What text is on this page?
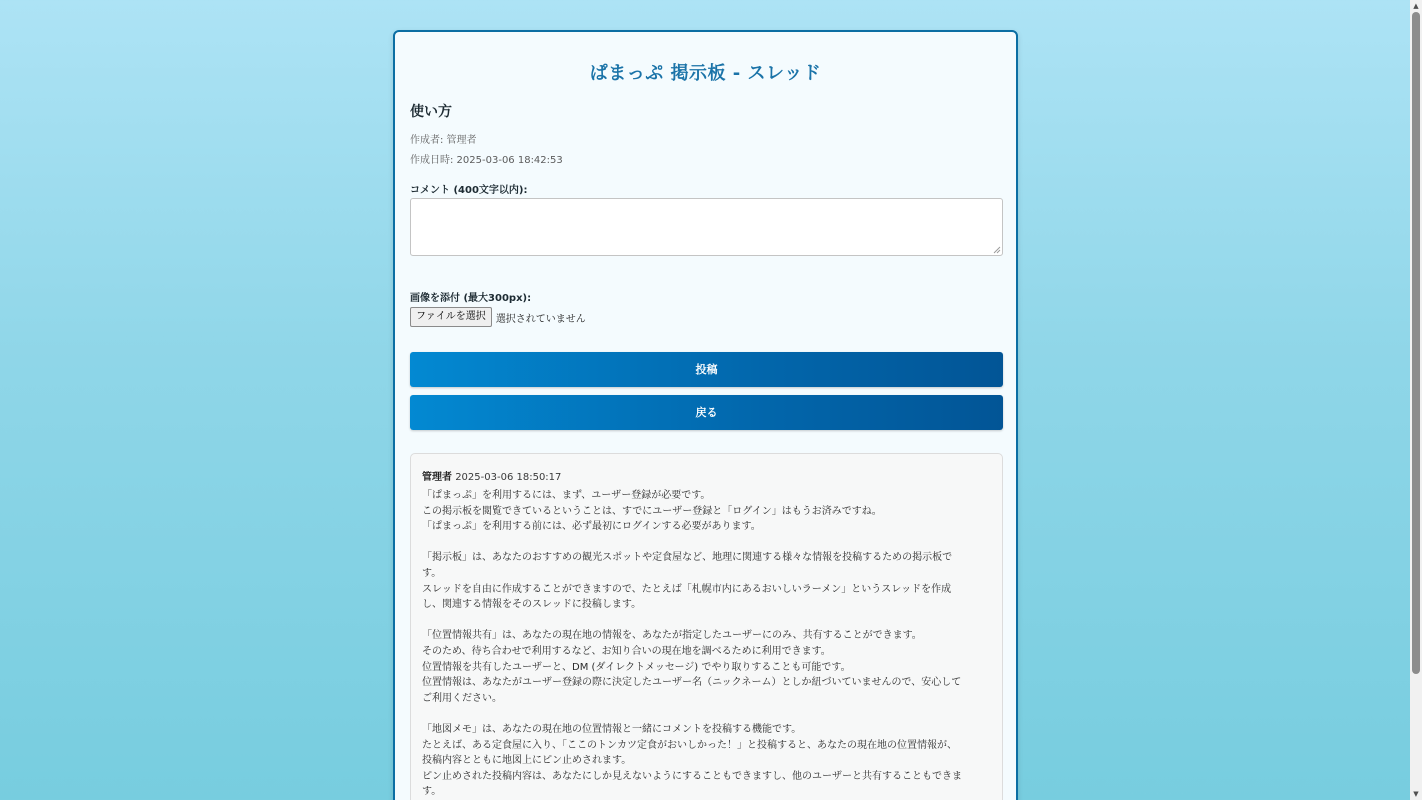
ぱまっぷ 掲示板 - スレッド
使い方
作成者: 管理者
作成日時: 2025-03-06 18:42:53
コメント (400文字以内):
画像を添付 (最大300px):
ファイルを選択	選択されていません
投稿
戻る
管理者 2025-03-06 18:50:17
「ぱまっぷ」を利用するには、まず、ユーザー登録が必要です。
この掲示板を閲覧できているということは、すでにユーザー登録と「ログイン」はもうお済みですね。
「ぱまっぷ」を利用する前には、必ず最初にログインする必要があります。
「掲示板」は、あなたのおすすめの観光スポットや定食屋など、地理に関連する様々な情報を投稿するための掲示板で
す。
スレッドを自由に作成することができますので、たとえば「札幌市内にあるおいしいラーメン」というスレッドを作成
し、関連する情報をそのスレッドに投稿します。
「位置情報共有」は、あなたの現在地の情報を、あなたが指定したユーザーにのみ、共有することができます。
そのため、待ち合わせで利用するなど、お知り合いの現在地を調べるために利用できます。
位置情報を共有したユーザーと、DM (ダイレクトメッセージ) でやり取りすることも可能です。
位置情報は、あなたがユーザー登録の際に決定したユーザー名（ニックネーム）としか紐づいていませんので、安心して
ご利用ください。
「地図メモ」は、あなたの現在地の位置情報と一緒にコメントを投稿する機能です。
たとえば、ある定食屋に入り、「ここのトンカツ定食がおいしかった！」と投稿すると、あなたの現在地の位置情報が、
投稿内容とともに地図上にピン止めされます。
ピン止めされた投稿内容は、あなたにしか見えないようにすることもできますし、他のユーザーと共有することもできま
す。
▲
▼
